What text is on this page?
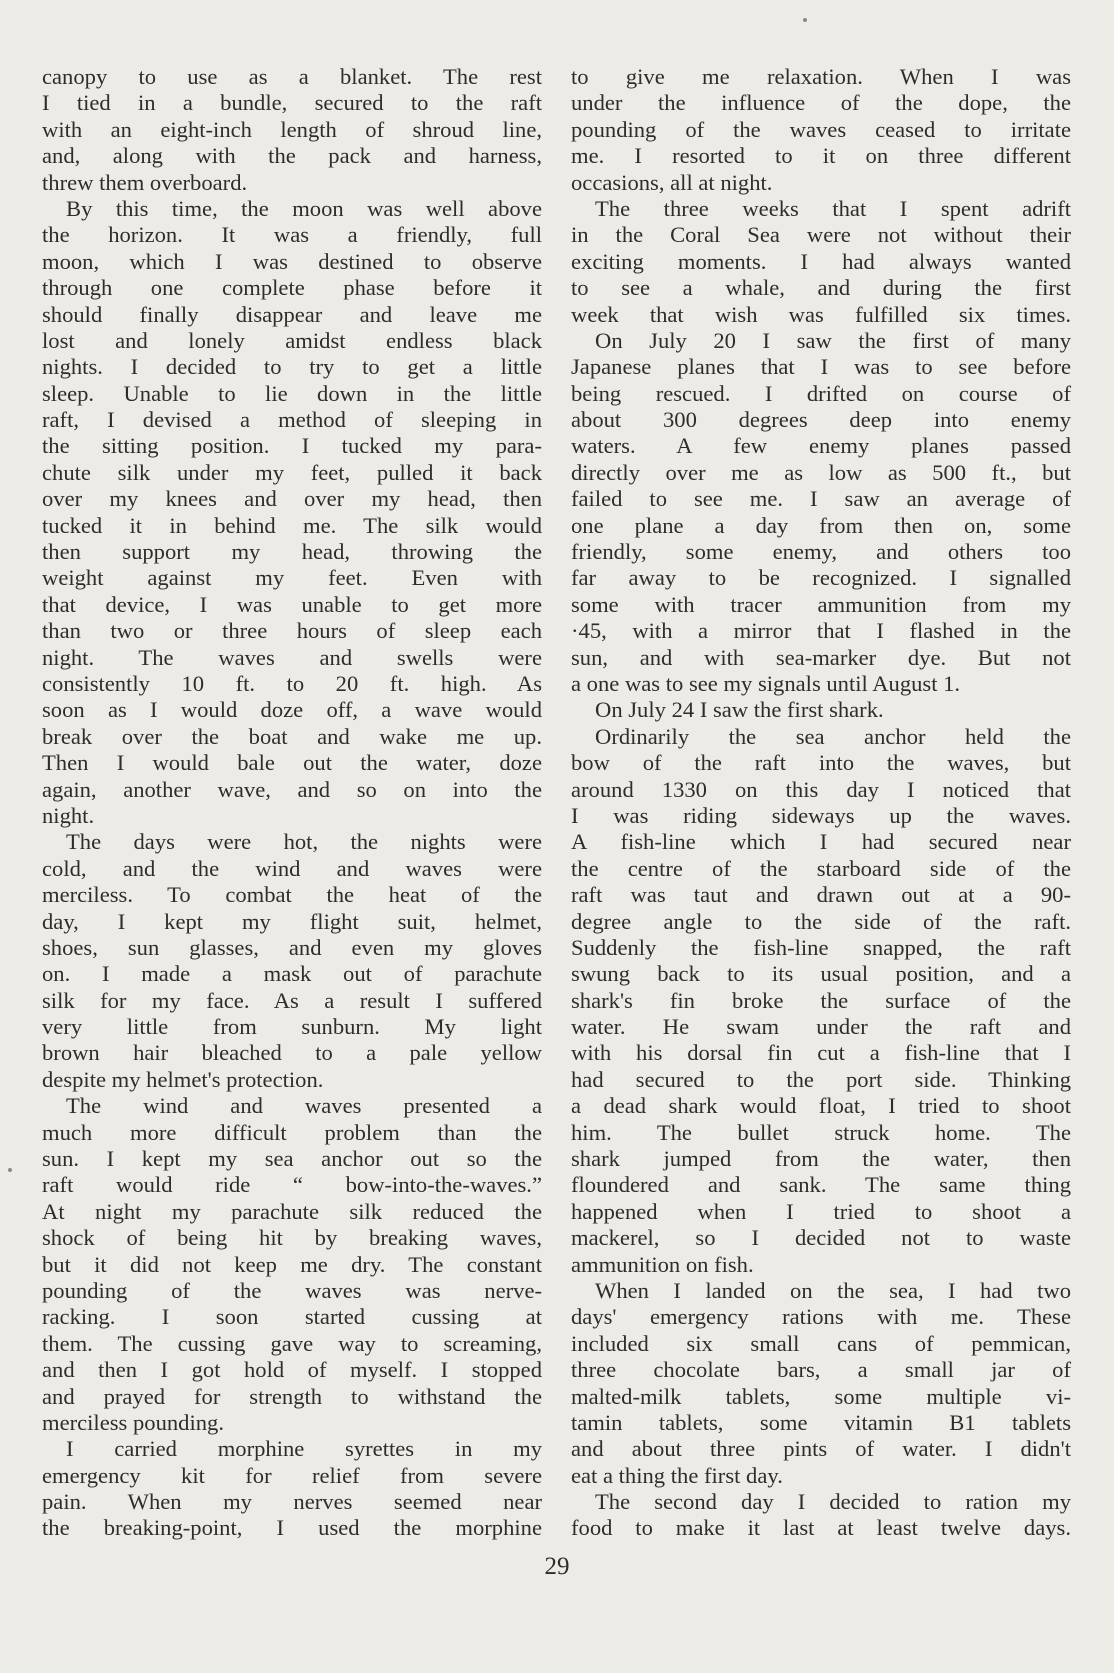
canopy to use as a blanket. The rest
I tied in a bundle, secured to the raft
with an eight-inch length of shroud line,
and, along with the pack and harness,
threw them overboard.
By this time, the moon was well above
the horizon. It was a friendly, full
moon, which I was destined to observe
through one complete phase before it
should finally disappear and leave me
lost and lonely amidst endless black
nights. I decided to try to get a little
sleep. Unable to lie down in the little
raft, I devised a method of sleeping in
the sitting position. I tucked my para-
chute silk under my feet, pulled it back
over my knees and over my head, then
tucked it in behind me. The silk would
then support my head, throwing the
weight against my feet. Even with
that device, I was unable to get more
than two or three hours of sleep each
night. The waves and swells were
consistently 10 ft. to 20 ft. high. As
soon as I would doze off, a wave would
break over the boat and wake me up.
Then I would bale out the water, doze
again, another wave, and so on into the
night.
The days were hot, the nights were
cold, and the wind and waves were
merciless. To combat the heat of the
day, I kept my flight suit, helmet,
shoes, sun glasses, and even my gloves
on. I made a mask out of parachute
silk for my face. As a result I suffered
very little from sunburn. My light
brown hair bleached to a pale yellow
despite my helmet's protection.
The wind and waves presented a
much more difficult problem than the
sun. I kept my sea anchor out so the
raft would ride “ bow-into-the-waves.”
At night my parachute silk reduced the
shock of being hit by breaking waves,
but it did not keep me dry. The constant
pounding of the waves was nerve-
racking. I soon started cussing at
them. The cussing gave way to screaming,
and then I got hold of myself. I stopped
and prayed for strength to withstand the
merciless pounding.
I carried morphine syrettes in my
emergency kit for relief from severe
pain. When my nerves seemed near
the breaking-point, I used the morphine
to give me relaxation. When I was
under the influence of the dope, the
pounding of the waves ceased to irritate
me. I resorted to it on three different
occasions, all at night.
The three weeks that I spent adrift
in the Coral Sea were not without their
exciting moments. I had always wanted
to see a whale, and during the first
week that wish was fulfilled six times.
On July 20 I saw the first of many
Japanese planes that I was to see before
being rescued. I drifted on course of
about 300 degrees deep into enemy
waters. A few enemy planes passed
directly over me as low as 500 ft., but
failed to see me. I saw an average of
one plane a day from then on, some
friendly, some enemy, and others too
far away to be recognized. I signalled
some with tracer ammunition from my
·45, with a mirror that I flashed in the
sun, and with sea-marker dye. But not
a one was to see my signals until August 1.
On July 24 I saw the first shark.
Ordinarily the sea anchor held the
bow of the raft into the waves, but
around 1330 on this day I noticed that
I was riding sideways up the waves.
A fish-line which I had secured near
the centre of the starboard side of the
raft was taut and drawn out at a 90-
degree angle to the side of the raft.
Suddenly the fish-line snapped, the raft
swung back to its usual position, and a
shark's fin broke the surface of the
water. He swam under the raft and
with his dorsal fin cut a fish-line that I
had secured to the port side. Thinking
a dead shark would float, I tried to shoot
him. The bullet struck home. The
shark jumped from the water, then
floundered and sank. The same thing
happened when I tried to shoot a
mackerel, so I decided not to waste
ammunition on fish.
When I landed on the sea, I had two
days' emergency rations with me. These
included six small cans of pemmican,
three chocolate bars, a small jar of
malted-milk tablets, some multiple vi-
tamin tablets, some vitamin B1 tablets
and about three pints of water. I didn't
eat a thing the first day.
The second day I decided to ration my
food to make it last at least twelve days.
29
